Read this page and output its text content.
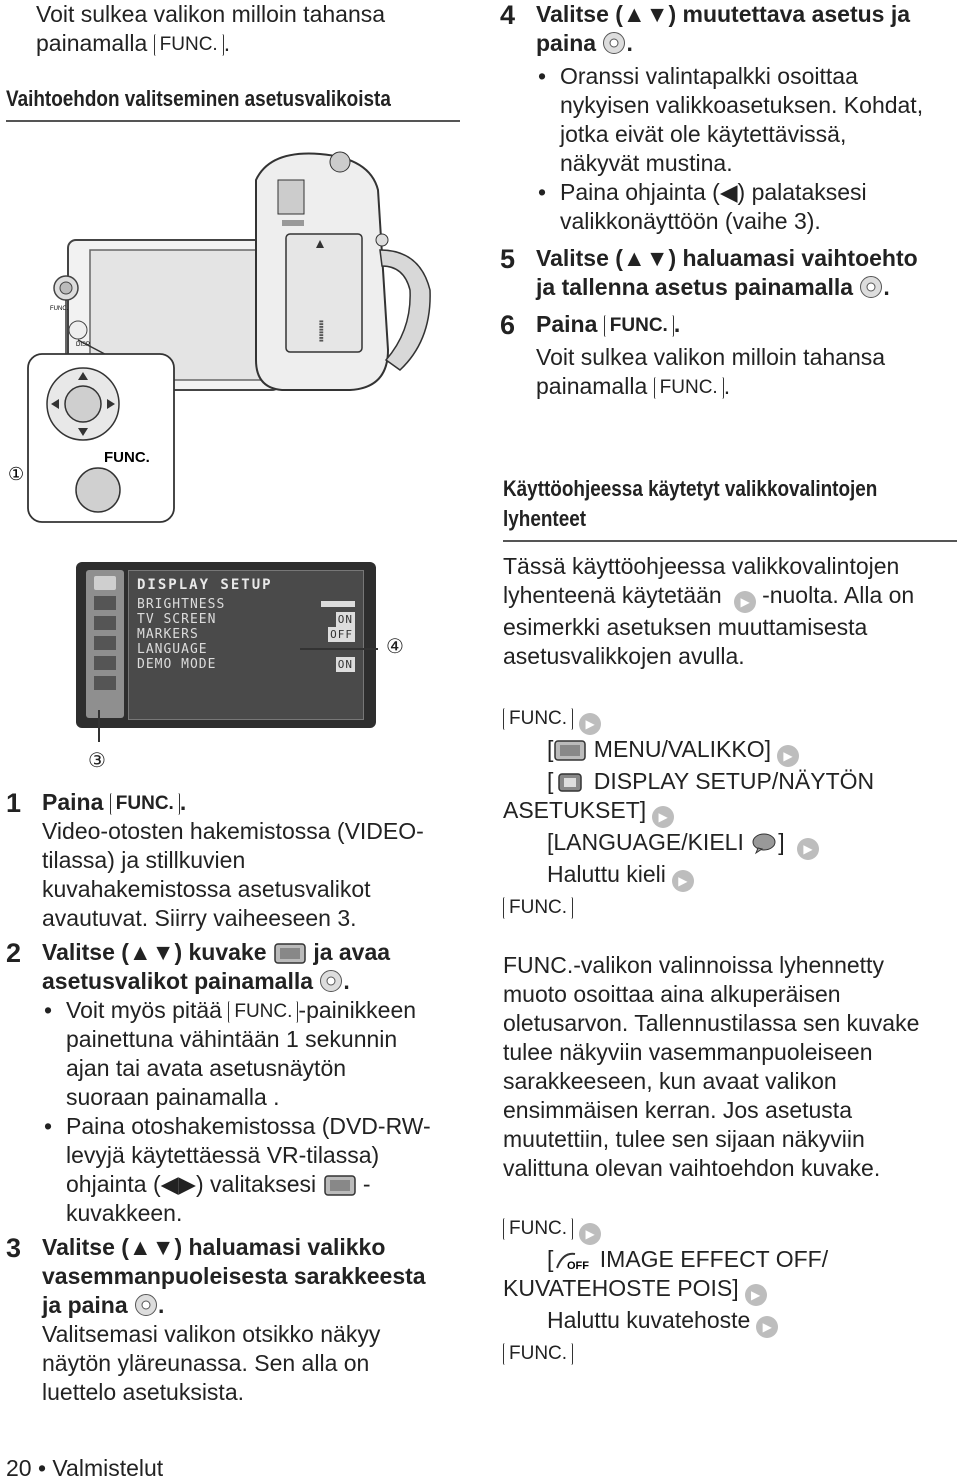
Voit sulkea valikon milloin tahansa

painamalla FUNC. .

Vaihtoehdon valitseminen asetusvalikoista
FUNC.
DISP.
▮▮▮▮▮▮▮▮
FUNC.
①
DISPLAY SETUP
BRIGHTNESS
TV SCREEN	ON
MARKERS	OFF
LANGUAGE
DEMO MODE	ON
④
③
1 Paina FUNC. .

Video-otosten hakemistossa (VIDEO-

tilassa) ja stillkuvien

kuvahakemistossa asetusvalikot

avautuvat. Siirry vaiheeseen 3.

2 Valitse (▲▼) kuvake ja avaa
asetusvalikot painamalla .
• Voit myös pitää FUNC. -painikkeen
painettuna vähintään 1 sekunnin
ajan tai avata asetusnäytön
suoraan painamalla .
• Paina otoshakemistossa (DVD-RW-
levyjä käytettäessä VR-tilassa)
ohjainta (◀▶) valitaksesi -
kuvakkeen.
3 Valitse (▲▼) haluamasi valikko
vasemmanpuoleisesta sarakkeesta
ja paina .

Valitsemasi valikon otsikko näkyy

näytön yläreunassa. Sen alla on

luettelo asetuksista.

20 • Valmistelut
4 Valitse (▲▼) muutettava asetus ja
paina .
• Oranssi valintapalkki osoittaa
nykyisen valikkoasetuksen. Kohdat,
jotka eivät ole käytettävissä,
näkyvät mustina.
• Paina ohjainta (◀) palataksesi
valikkonäyttöön (vaihe 3).
5 Valitse (▲▼) haluamasi vaihtoehto
ja tallenna asetus painamalla .
6 Paina FUNC. .

Voit sulkea valikon milloin tahansa

painamalla FUNC. .

Käyttöohjeessa käytetyt valikkovalintojen
lyhenteet

Tässä käyttöohjeessa valikkovalintojen

lyhenteenä käytetään ▶ -nuolta. Alla on

esimerkki asetuksen muuttamisesta

asetusvalikkojen avulla.

FUNC. ▶

[ MENU/VALIKKO] ▶

[ DISPLAY SETUP/NÄYTÖN

ASETUKSET] ▶

[LANGUAGE/KIELI ] ▶

Haluttu kieli ▶

FUNC.

FUNC.-valikon valinnoissa lyhennetty

muoto osoittaa aina alkuperäisen

oletusarvon. Tallennustilassa sen kuvake

tulee näkyviin vasemmanpuoleiseen

sarakkeeseen, kun avaat valikon

ensimmäisen kerran. Jos asetusta

muutettiin, tulee sen sijaan näkyviin

valittuna olevan vaihtoehdon kuvake.

FUNC. ▶

[ OFF IMAGE EFFECT OFF/

KUVATEHOSTE POIS] ▶

Haluttu kuvatehoste ▶

FUNC.
